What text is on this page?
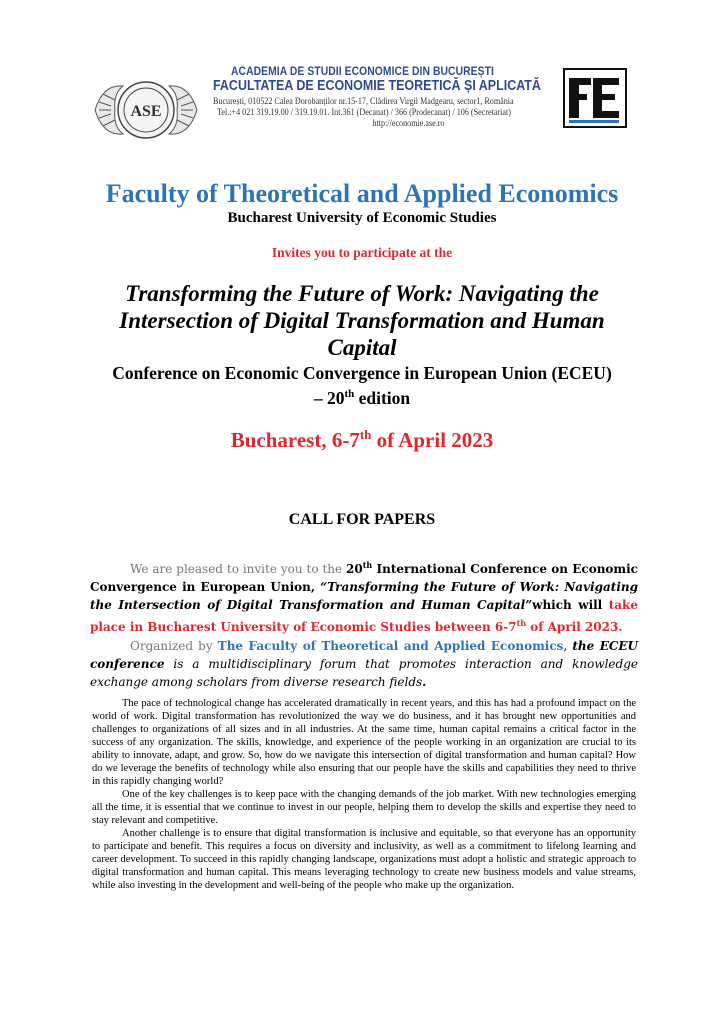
ASE
ACADEMIA DE STUDII ECONOMICE DIN BUCUREȘTI
FACULTATEA DE ECONOMIE TEORETICĂ ȘI APLICATĂ
București, 010522 Calea Dorobanților nr.15-17, Clădirea Virgil Madgearu, sector1, România
Tel.:+4 021 319.19.00 / 319.19.01. Int.361 (Decanat) / 366 (Prodecanat) / 106 (Secretariat)
http://economie.ase.ro
FE
Faculty of Theoretical and Applied Economics
Bucharest University of Economic Studies
Invites you to participate at the
Transforming the Future of Work: Navigating the Intersection of Digital Transformation and Human Capital
Conference on Economic Convergence in European Union (ECEU) – 20th edition
Bucharest, 6-7th of April 2023
CALL FOR PAPERS
We are pleased to invite you to the 20th International Conference on Economic Convergence in European Union, “Transforming the Future of Work: Navigating the Intersection of Digital Transformation and Human Capital”which will take place in Bucharest University of Economic Studies between 6-7th of April 2023.
Organized by The Faculty of Theoretical and Applied Economics, the ECEU conference is a multidisciplinary forum that promotes interaction and knowledge exchange among scholars from diverse research fields.

The pace of technological change has accelerated dramatically in recent years, and this has had a profound impact on the world of work. Digital transformation has revolutionized the way we do business, and it has brought new opportunities and challenges to organizations of all sizes and in all industries. At the same time, human capital remains a critical factor in the success of any organization. The skills, knowledge, and experience of the people working in an organization are crucial to its ability to innovate, adapt, and grow. So, how do we navigate this intersection of digital transformation and human capital? How do we leverage the benefits of technology while also ensuring that our people have the skills and capabilities they need to thrive in this rapidly changing world?

One of the key challenges is to keep pace with the changing demands of the job market. With new technologies emerging all the time, it is essential that we continue to invest in our people, helping them to develop the skills and expertise they need to stay relevant and competitive.

Another challenge is to ensure that digital transformation is inclusive and equitable, so that everyone has an opportunity to participate and benefit. This requires a focus on diversity and inclusivity, as well as a commitment to lifelong learning and career development. To succeed in this rapidly changing landscape, organizations must adopt a holistic and strategic approach to digital transformation and human capital. This means leveraging technology to create new business models and value streams, while also investing in the development and well-being of the people who make up the organization.
